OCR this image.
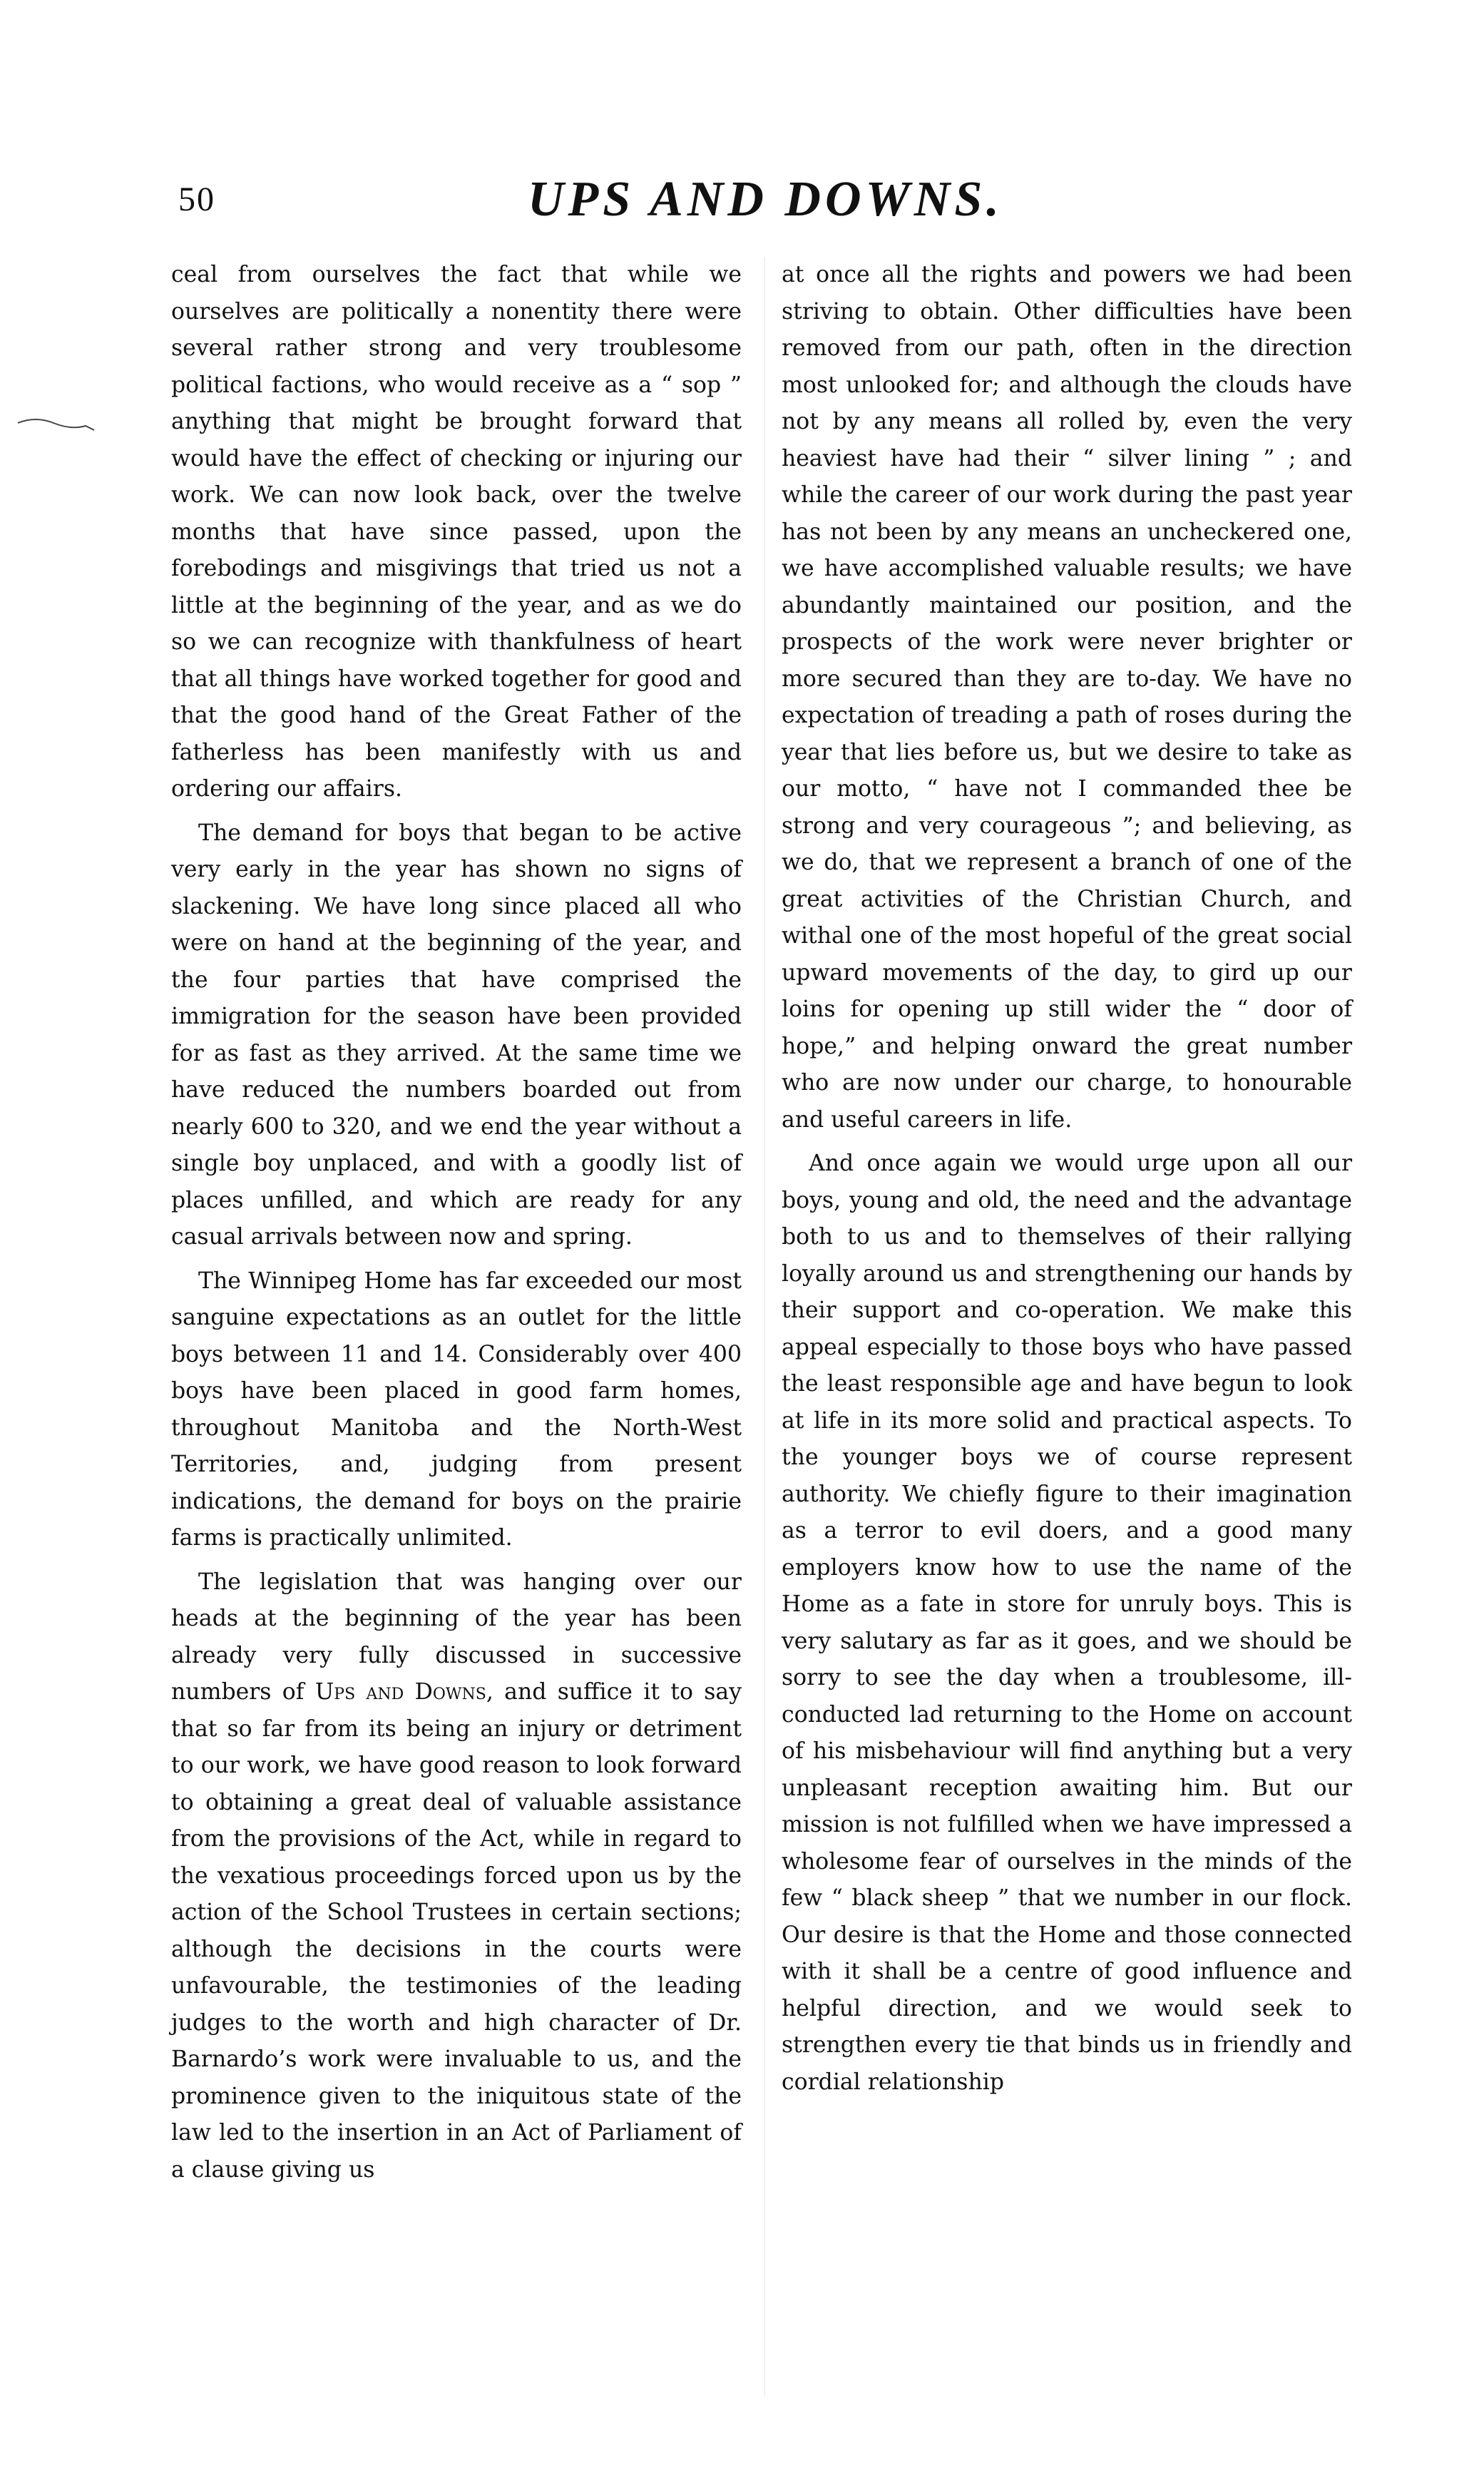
50	UPS AND DOWNS.

ceal from ourselves the fact that while we ourselves are politically a nonentity there were several rather strong and very troublesome political factions, who would receive as a “ sop ” anything that might be brought forward that would have the effect of checking or injuring our work. We can now look back, over the twelve months that have since passed, upon the forebodings and misgivings that tried us not a little at the beginning of the year, and as we do so we can recognize with thankfulness of heart that all things have worked together for good and that the good hand of the Great Father of the fatherless has been manifestly with us and ordering our affairs.

The demand for boys that began to be active very early in the year has shown no signs of slackening. We have long since placed all who were on hand at the beginning of the year, and the four parties that have comprised the immigration for the season have been provided for as fast as they arrived. At the same time we have reduced the numbers boarded out from nearly 600 to 320, and we end the year without a single boy unplaced, and with a goodly list of places unfilled, and which are ready for any casual arrivals between now and spring.

The Winnipeg Home has far exceeded our most sanguine expectations as an outlet for the little boys between 11 and 14. Considerably over 400 boys have been placed in good farm homes, throughout Manitoba and the North-West Territories, and, judging from present indications, the demand for boys on the prairie farms is practically unlimited.

The legislation that was hanging over our heads at the beginning of the year has been already very fully discussed in successive numbers of Ups and Downs, and suffice it to say that so far from its being an injury or detriment to our work, we have good reason to look forward to obtaining a great deal of valuable assistance from the provisions of the Act, while in regard to the vexatious proceedings forced upon us by the action of the School Trustees in certain sections; although the decisions in the courts were unfavourable, the testimonies of the leading judges to the worth and high character of Dr. Barnardo’s work were invaluable to us, and the prominence given to the iniquitous state of the law led to the insertion in an Act of Parliament of a clause giving us

at once all the rights and powers we had been striving to obtain. Other difficulties have been removed from our path, often in the direction most unlooked for; and although the clouds have not by any means all rolled by, even the very heaviest have had their “ silver lining ” ; and while the career of our work during the past year has not been by any means an uncheckered one, we have accomplished valuable results; we have abundantly maintained our position, and the prospects of the work were never brighter or more secured than they are to-day. We have no expectation of treading a path of roses during the year that lies before us, but we desire to take as our motto, “ have not I commanded thee be strong and very courageous ”; and believing, as we do, that we represent a branch of one of the great activities of the Christian Church, and withal one of the most hopeful of the great social upward movements of the day, to gird up our loins for opening up still wider the “ door of hope,” and helping onward the great number who are now under our charge, to honourable and useful careers in life.

And once again we would urge upon all our boys, young and old, the need and the advantage both to us and to themselves of their rallying loyally around us and strengthening our hands by their support and co-operation. We make this appeal especially to those boys who have passed the least responsible age and have begun to look at life in its more solid and practical aspects. To the younger boys we of course represent authority. We chiefly figure to their imagination as a terror to evil doers, and a good many employers know how to use the name of the Home as a fate in store for unruly boys. This is very salutary as far as it goes, and we should be sorry to see the day when a troublesome, ill-conducted lad returning to the Home on account of his misbehaviour will find anything but a very unpleasant reception awaiting him. But our mission is not fulfilled when we have impressed a wholesome fear of ourselves in the minds of the few “ black sheep ” that we number in our flock. Our desire is that the Home and those connected with it shall be a centre of good influence and helpful direction, and we would seek to strengthen every tie that binds us in friendly and cordial relationship
